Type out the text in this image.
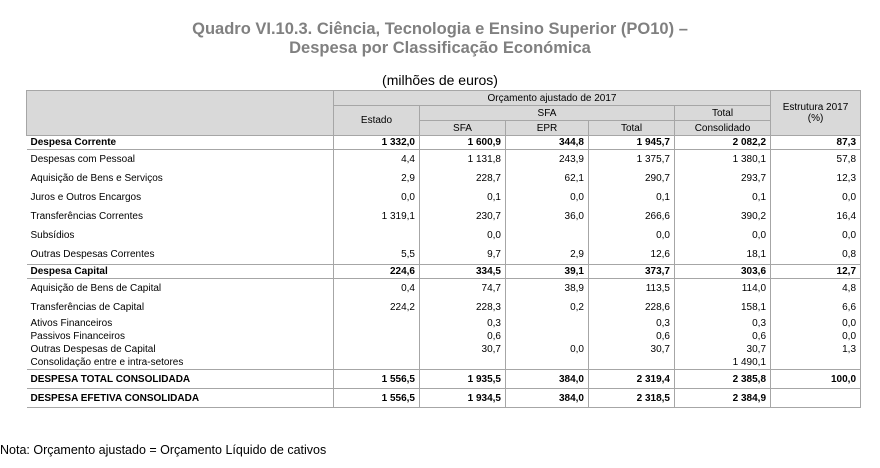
Quadro VI.10.3. Ciência, Tecnologia e Ensino Superior (PO10) –
Despesa por Classificação Económica
(milhões de euros)
	Orçamento ajustado de 2017					Estrutura 2017
(%)

	Estado	SFA			Total	
		SFA	EPR	Total	Consolidado	
Despesa Corrente	1 332,0	1 600,9	344,8	1 945,7	2 082,2	87,3
Despesas com Pessoal	4,4	1 131,8	243,9	1 375,7	1 380,1	57,8
Aquisição de Bens e Serviços	2,9	228,7	62,1	290,7	293,7	12,3
Juros e Outros Encargos	0,0	0,1	0,0	0,1	0,1	0,0
Transferências Correntes	1 319,1	230,7	36,0	266,6	390,2	16,4
Subsídios		0,0		0,0	0,0	0,0
Outras Despesas Correntes	5,5	9,7	2,9	12,6	18,1	0,8
Despesa Capital	224,6	334,5	39,1	373,7	303,6	12,7
Aquisição de Bens de Capital	0,4	74,7	38,9	113,5	114,0	4,8
Transferências de Capital	224,2	228,3	0,2	228,6	158,1	6,6
Ativos Financeiros		0,3		0,3	0,3	0,0
Passivos Financeiros		0,6		0,6	0,6	0,0
Outras Despesas de Capital		30,7	0,0	30,7	30,7	1,3
Consolidação entre e intra-setores					1 490,1	
DESPESA TOTAL CONSOLIDADA	1 556,5	1 935,5	384,0	2 319,4	2 385,8	100,0
DESPESA EFETIVA CONSOLIDADA	1 556,5	1 934,5	384,0	2 318,5	2 384,9	
Nota: Orçamento ajustado = Orçamento Líquido de cativos
